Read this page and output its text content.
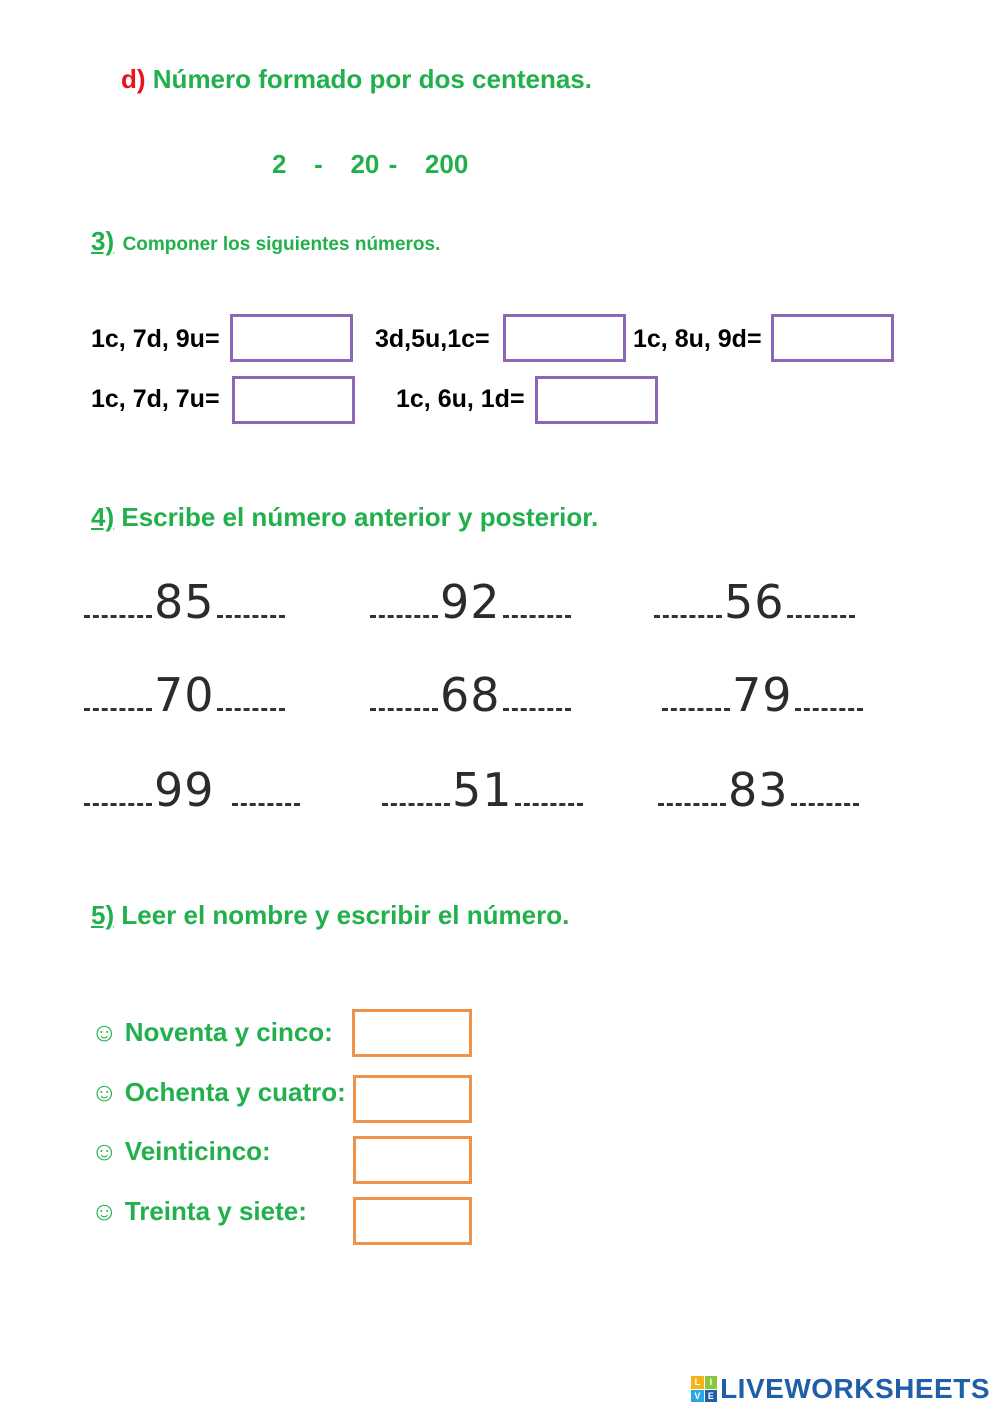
d) Número formado por dos centenas.
2   -   20 -   200
3) Componer los siguientes números.
1c, 7d, 9u=	3d,5u,1c=	1c, 8u, 9d=
1c, 7d, 7u=	1c, 6u, 1d=
4) Escribe el número anterior y posterior.
85	92	56
70	68	79
99	51	83
5) Leer el nombre y escribir el número.
☺ Noventa y cinco:
☺ Ochenta y cuatro:
☺ Veinticinco:
☺ Treinta y siete:
L	I
V E LIVEWORKSHEETS
